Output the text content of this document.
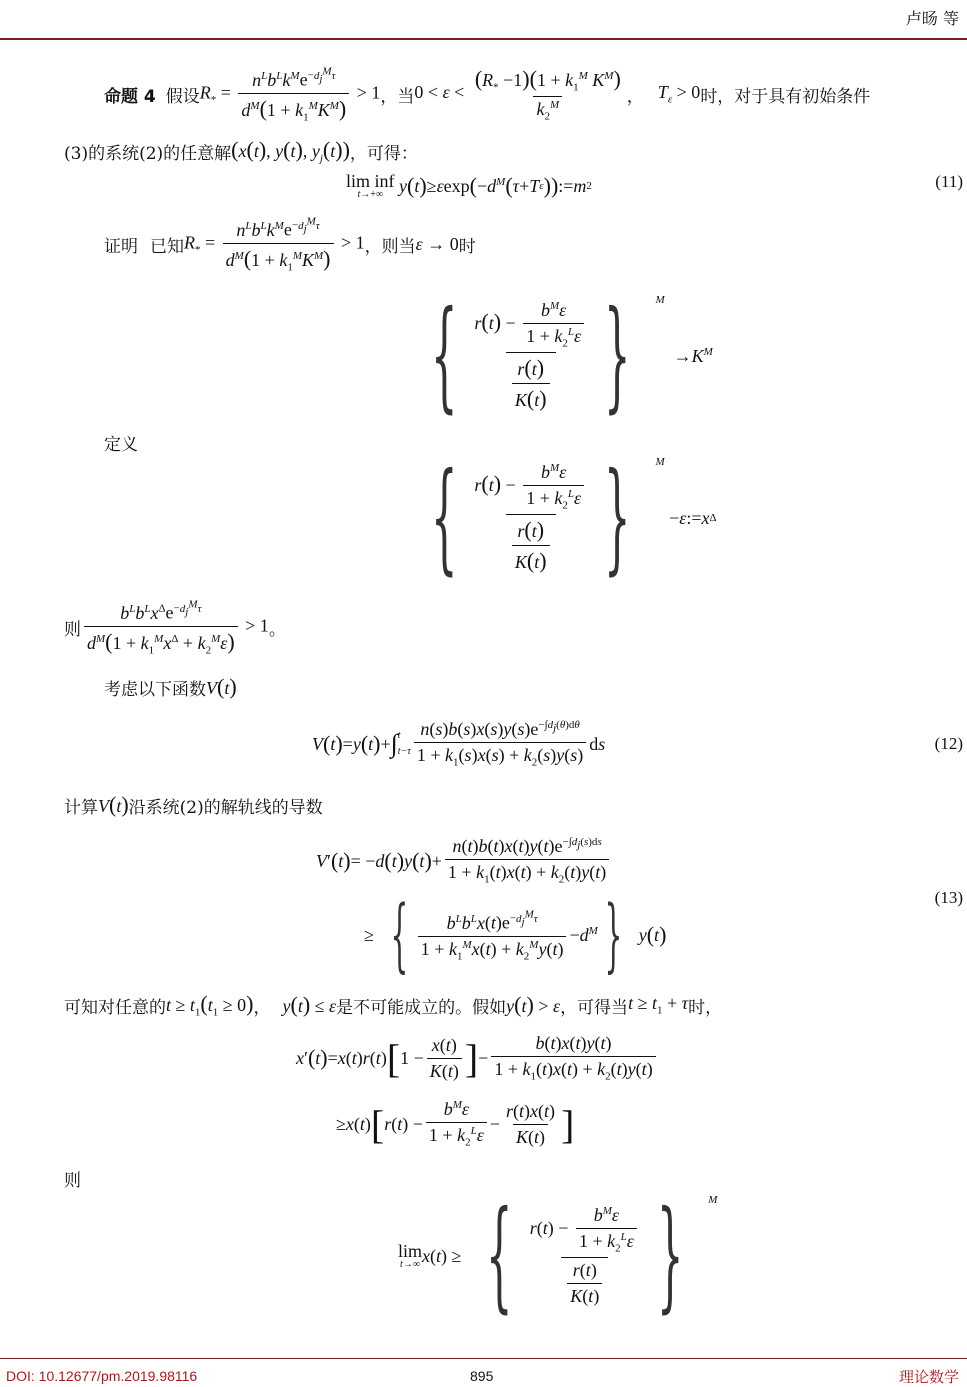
卢旸 等
命题 4 假设 $R_* = \frac{n^Lb^Lk^Me^{-d_j^M\tau}}{d^M(1 + k_1^MK^M)} > 1$ ，当 $0 < \varepsilon < \frac{(R_* -1)(1 + k_1^M K^M)}{k_2^M}$ ， $T_\varepsilon > 0$ 时，对于具有初始条件
(3)的系统(2)的任意解 (x(t), y(t), $y_j(t)$) ，可得：
lim inf
t→+∞
y ( t ) ≥ ε exp ( − $d^M$ ( τ + T ε ) ) := m 2	(11)
证明 已知 $R_* = \frac{n^Lb^Lk^Me^{-d_j^M\tau}}{d^M(1 + k_1^MK^M)} > 1$ ，则当 ε → 0 时
{ $\frac{r(t) - \frac{b^M\varepsilon}{1 + k_2^L\varepsilon}}{\frac{r(t)}{K(t)}}$ } $^M$
→ $K^M$
定义
{ $\frac{r(t) - \frac{b^M\varepsilon}{1 + k_2^L\varepsilon}}{\frac{r(t)}{K(t)}}$ } $^M$
− ε := x Δ
则 $\frac{b^Lb^Lx^\Delta e^{-d_j^M\tau}}{d^M(1 + k_1^Mx^\Delta + k_2^M\varepsilon)} > 1$ 。
考虑以下函数 V(t)
V ( t ) = y ( t ) + ∫ t
$t-\tau \frac{n(s)b(s)x(s)y(s)e^{-\int d_j(\theta)d\theta}}{1 + k_1(s)x(s) + k_2(s)y(s)}$ d s	(12)
计算 V(t) 沿系统(2)的解轨线的导数
V ′ ( t ) = − d ( t ) y ( t ) + $\frac{n(t)b(t)x(t)y(t)e^{-\int d_j(s)ds}}{1 + k_1(t)x(t) + k_2(t)y(t)}$
≥ { $\frac{b^Lb^Lx(t)e^{-d_j^M\tau}}{1 + k_1^Mx(t) + k_2^My(t)} - d^M$ } y ( t )
(13)
可知对任意的 $t \ge t_1(t_1 \ge 0)$ ， y(t) ≤ ε 是不可能成立的。假如 y(t) > ε ，可得当 $t \ge t_1 + \tau$ 时，
x ′ ( t ) = x ( t ) r ( t ) [ $1 - \frac{x(t)}{K(t)}$ ] − $\frac{b(t)x(t)y(t)}{1 + k_1(t)x(t) + k_2(t)y(t)}$
≥ x ( t ) [ r ( t ) − $\frac{b^M\varepsilon}{1 + k_2^L\varepsilon} - \frac{r(t)x(t)}{K(t)}$ ]
则
lim
t→∞ x ( t ) ≥ { $\frac{r(t) - \frac{b^M\varepsilon}{1 + k_2^L\varepsilon}}{\frac{r(t)}{K(t)}}$ } $^M$
DOI: 10.12677/pm.2019.98116	895	理论数学
